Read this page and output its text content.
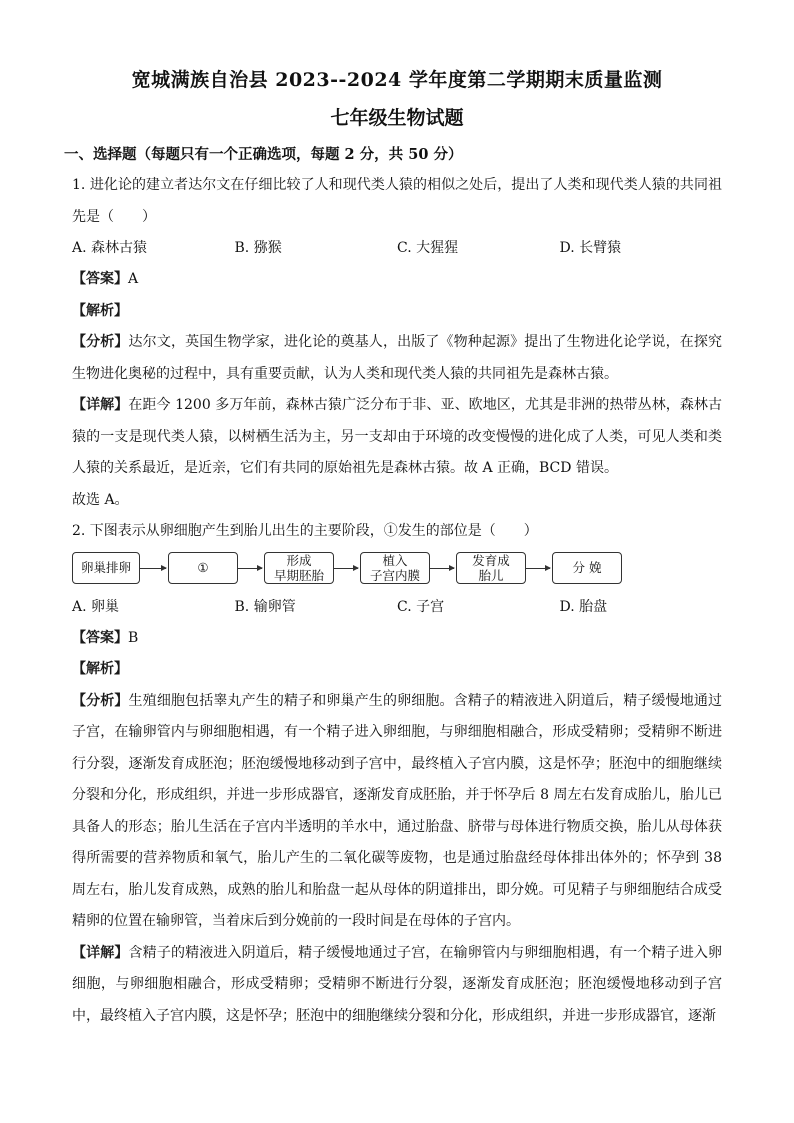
宽城满族自治县 2023--2024 学年度第二学期期末质量监测
七年级生物试题
一、选择题（每题只有一个正确选项，每题 2 分，共 50 分）

1. 进化论的建立者达尔文在仔细比较了人和现代类人猿的相似之处后，提出了人类和现代类人猿的共同祖先是（　　）

A. 森林古猿	B. 猕猴	C. 大猩猩	D. 长臂猿

【答案】A

【解析】

【分析】达尔文，英国生物学家，进化论的奠基人，出版了《物种起源》提出了生物进化论学说，在探究生物进化奥秘的过程中，具有重要贡献，认为人类和现代类人猿的共同祖先是森林古猿。

【详解】在距今 1200 多万年前，森林古猿广泛分布于非、亚、欧地区，尤其是非洲的热带丛林，森林古猿的一支是现代类人猿，以树栖生活为主，另一支却由于环境的改变慢慢的进化成了人类，可见人类和类人猿的关系最近，是近亲，它们有共同的原始祖先是森林古猿。故 A 正确，BCD 错误。

故选 A。

2. 下图表示从卵细胞产生到胎儿出生的主要阶段，①发生的部位是（　　）

卵巢排卵	①	形成
早期胚胎
植入
子宫内膜
发育成
胎儿	分 娩
A. 卵巢	B. 输卵管	C. 子宫	D. 胎盘

【答案】B

【解析】

【分析】生殖细胞包括睾丸产生的精子和卵巢产生的卵细胞。含精子的精液进入阴道后，精子缓慢地通过子宫，在输卵管内与卵细胞相遇，有一个精子进入卵细胞，与卵细胞相融合，形成受精卵；受精卵不断进行分裂，逐渐发育成胚泡；胚泡缓慢地移动到子宫中，最终植入子宫内膜，这是怀孕；胚泡中的细胞继续分裂和分化，形成组织，并进一步形成器官，逐渐发育成胚胎，并于怀孕后 8 周左右发育成胎儿，胎儿已具备人的形态；胎儿生活在子宫内半透明的羊水中，通过胎盘、脐带与母体进行物质交换，胎儿从母体获得所需要的营养物质和氧气，胎儿产生的二氧化碳等废物，也是通过胎盘经母体排出体外的；怀孕到 38 周左右，胎儿发育成熟，成熟的胎儿和胎盘一起从母体的阴道排出，即分娩。可见精子与卵细胞结合成受精卵的位置在输卵管，当着床后到分娩前的一段时间是在母体的子宫内。

【详解】含精子的精液进入阴道后，精子缓慢地通过子宫，在输卵管内与卵细胞相遇，有一个精子进入卵细胞，与卵细胞相融合，形成受精卵；受精卵不断进行分裂，逐渐发育成胚泡；胚泡缓慢地移动到子宫中，最终植入子宫内膜，这是怀孕；胚泡中的细胞继续分裂和分化，形成组织，并进一步形成器官，逐渐
